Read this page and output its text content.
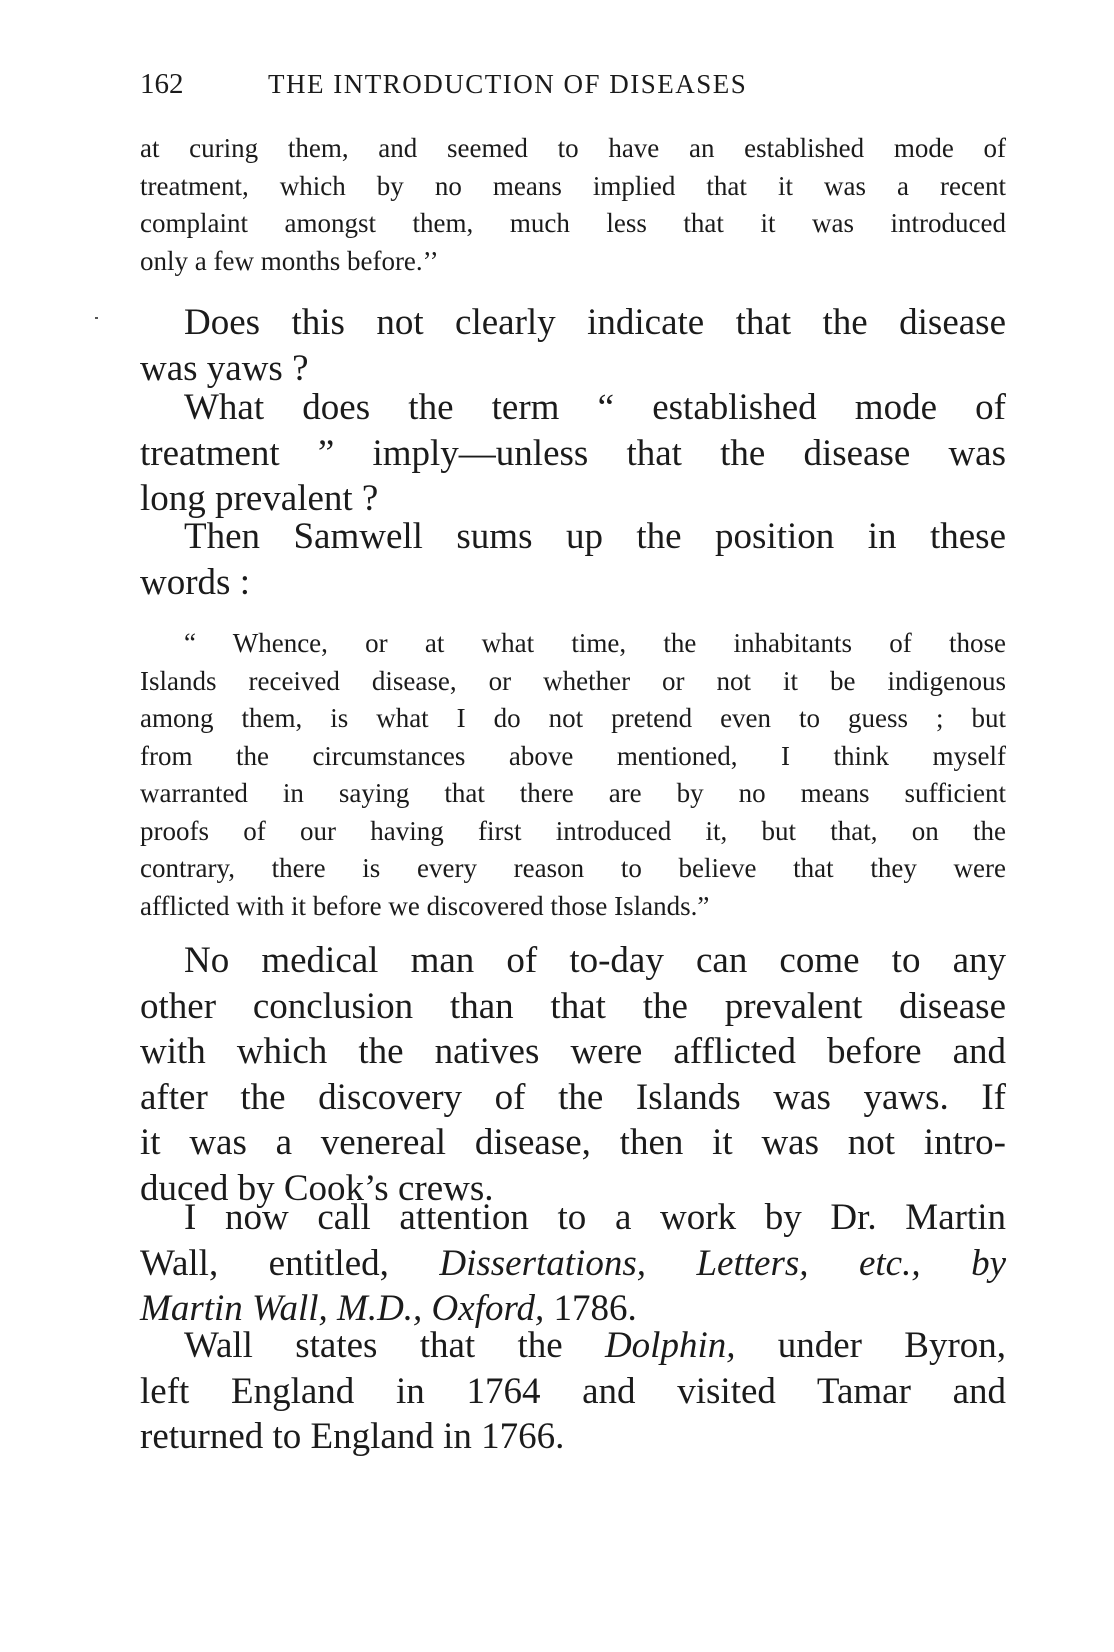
162	THE INTRODUCTION OF DISEASES
at curing them, and seemed to have an established mode of
treatment, which by no means implied that it was a recent
complaint amongst them, much less that it was introduced
only a few months before.’’
Does this not clearly indicate that the disease
was yaws ?
What does the term “ established mode of
treatment ” imply—unless that the disease was
long prevalent ?
Then Samwell sums up the position in these
words :
“ Whence, or at what time, the inhabitants of those
Islands received disease, or whether or not it be indigenous
among them, is what I do not pretend even to guess ; but
from the circumstances above mentioned, I think myself
warranted in saying that there are by no means sufficient
proofs of our having first introduced it, but that, on the
contrary, there is every reason to believe that they were
afflicted with it before we discovered those Islands.”
No medical man of to-day can come to any
other conclusion than that the prevalent disease
with which the natives were afflicted before and
after the discovery of the Islands was yaws. If
it was a venereal disease, then it was not intro-
duced by Cook’s crews.
I now call attention to a work by Dr. Martin
Wall, entitled, Dissertations, Letters, etc., by
Martin Wall, M.D., Oxford, 1786.
Wall states that the Dolphin, under Byron,
left England in 1764 and visited Tamar and
returned to England in 1766.
